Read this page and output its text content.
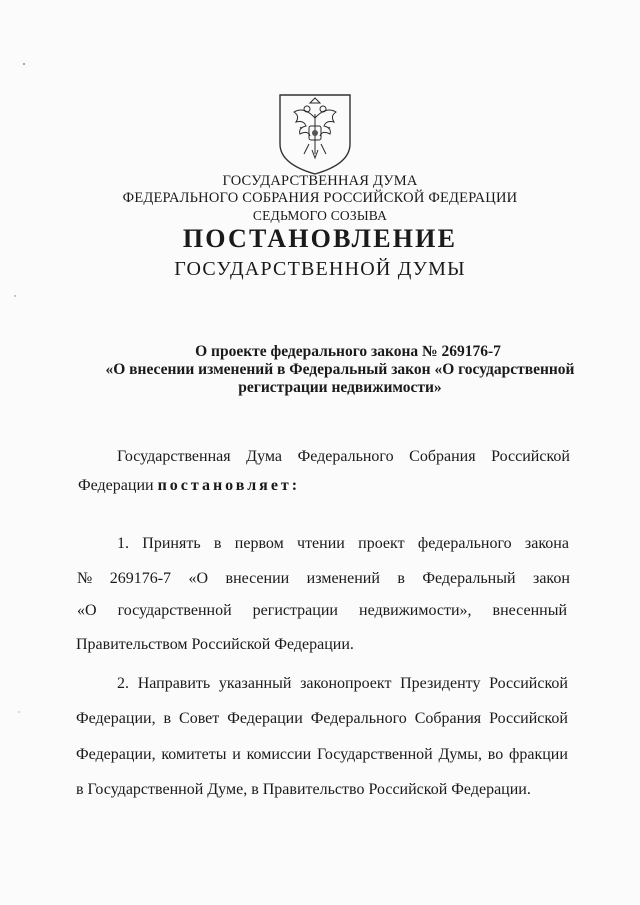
ГОСУДАРСТВЕННАЯ ДУМА
ФЕДЕРАЛЬНОГО СОБРАНИЯ РОССИЙСКОЙ ФЕДЕРАЦИИ
СЕДЬМОГО СОЗЫВА
ПОСТАНОВЛЕНИЕ
ГОСУДАРСТВЕННОЙ ДУМЫ
О проекте федерального закона № 269176-7
«О внесении изменений в Федеральный закон «О государственной
регистрации недвижимости»
Государственная Дума Федерального Собрания Российской
Федерации постановляет:
1. Принять в первом чтении проект федерального закона
№ 269176-7 «О внесении изменений в Федеральный закон
«О государственной регистрации недвижимости», внесенный
Правительством Российской Федерации.
2. Направить указанный законопроект Президенту Российской
Федерации, в Совет Федерации Федерального Собрания Российской
Федерации, комитеты и комиссии Государственной Думы, во фракции
в Государственной Думе, в Правительство Российской Федерации.
